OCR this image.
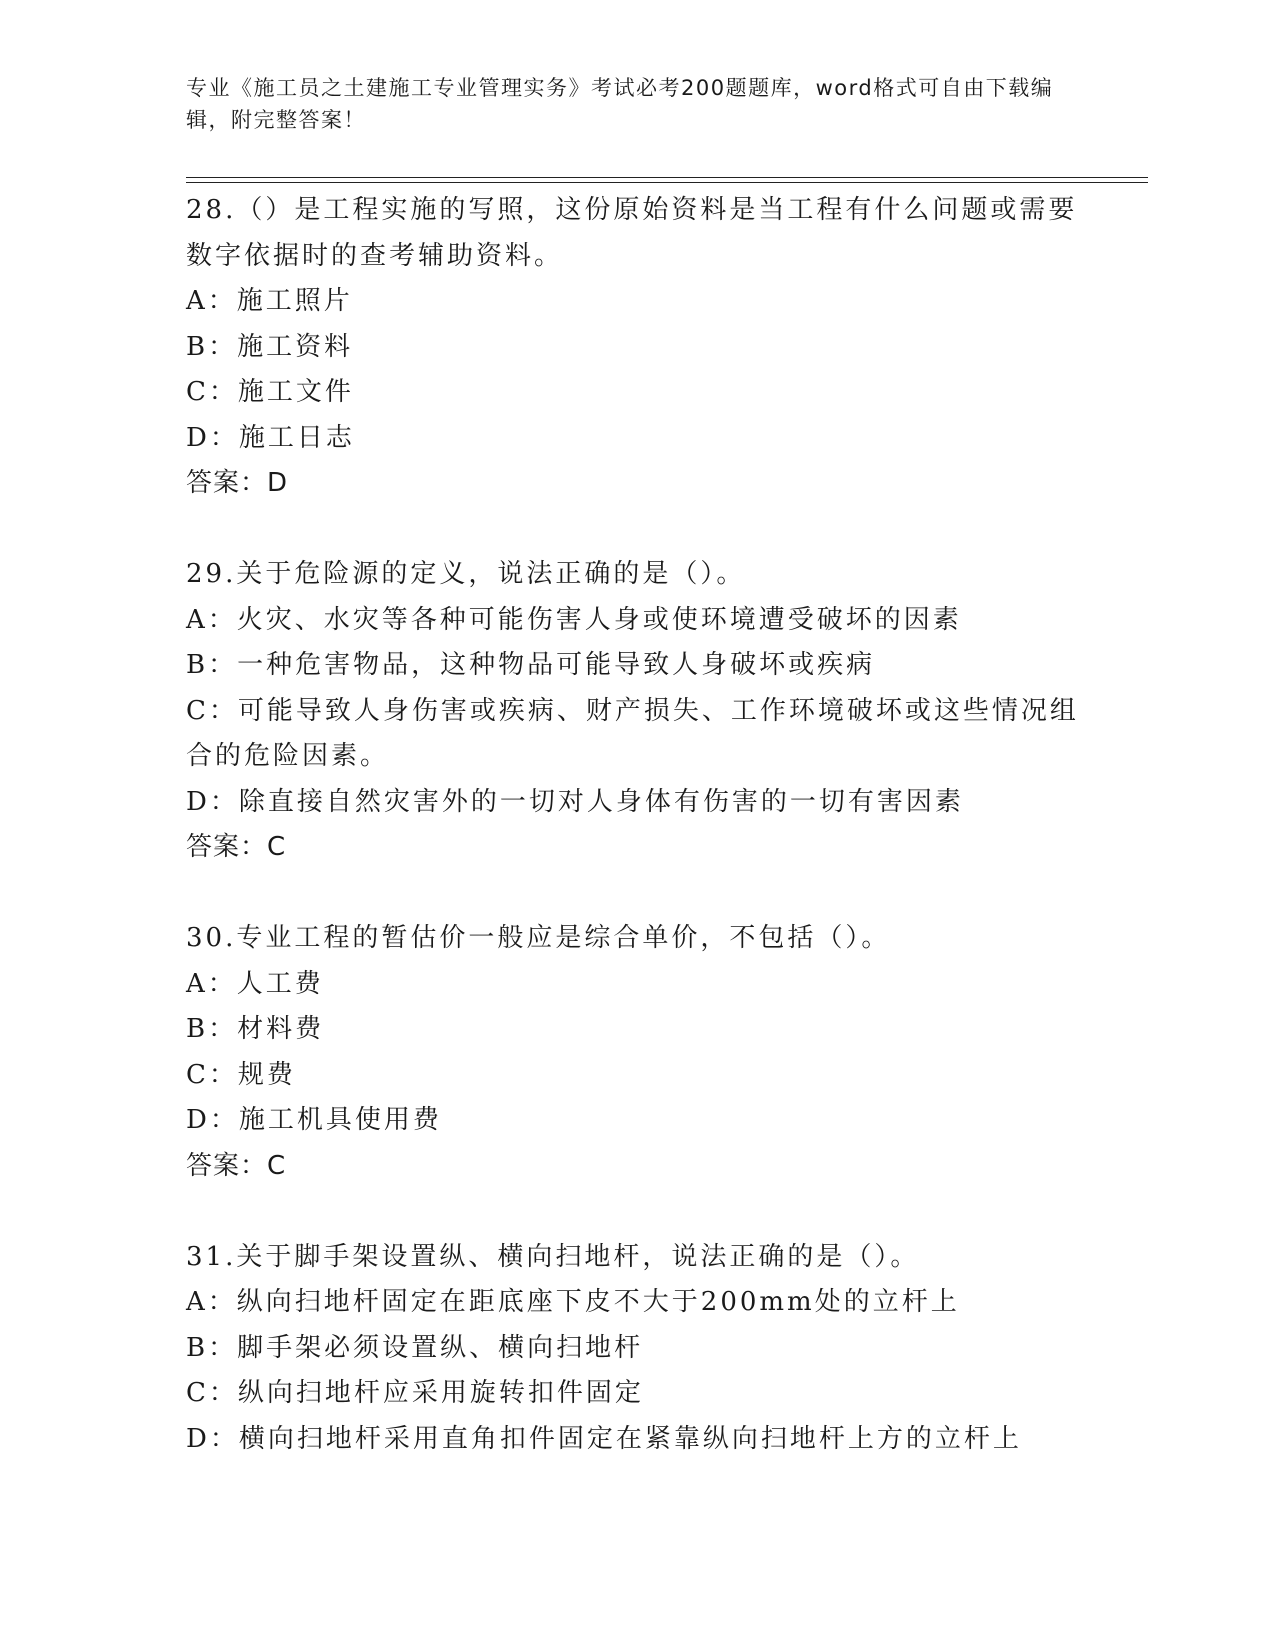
专业《施工员之土建施工专业管理实务》考试必考200题题库，word格式可自由下载编辑，附完整答案！
28.（）是工程实施的写照，这份原始资料是当工程有什么问题或需要数字依据时的查考辅助资料。
A：施工照片
B：施工资料
C：施工文件
D：施工日志
答案：D
29.关于危险源的定义，说法正确的是（）。
A：火灾、水灾等各种可能伤害人身或使环境遭受破坏的因素
B：一种危害物品，这种物品可能导致人身破坏或疾病
C：可能导致人身伤害或疾病、财产损失、工作环境破坏或这些情况组合的危险因素。
D：除直接自然灾害外的一切对人身体有伤害的一切有害因素
答案：C
30.专业工程的暂估价一般应是综合单价，不包括（）。
A：人工费
B：材料费
C：规费
D：施工机具使用费
答案：C
31.关于脚手架设置纵、横向扫地杆，说法正确的是（）。
A：纵向扫地杆固定在距底座下皮不大于200mm处的立杆上
B：脚手架必须设置纵、横向扫地杆
C：纵向扫地杆应采用旋转扣件固定
D：横向扫地杆采用直角扣件固定在紧靠纵向扫地杆上方的立杆上
